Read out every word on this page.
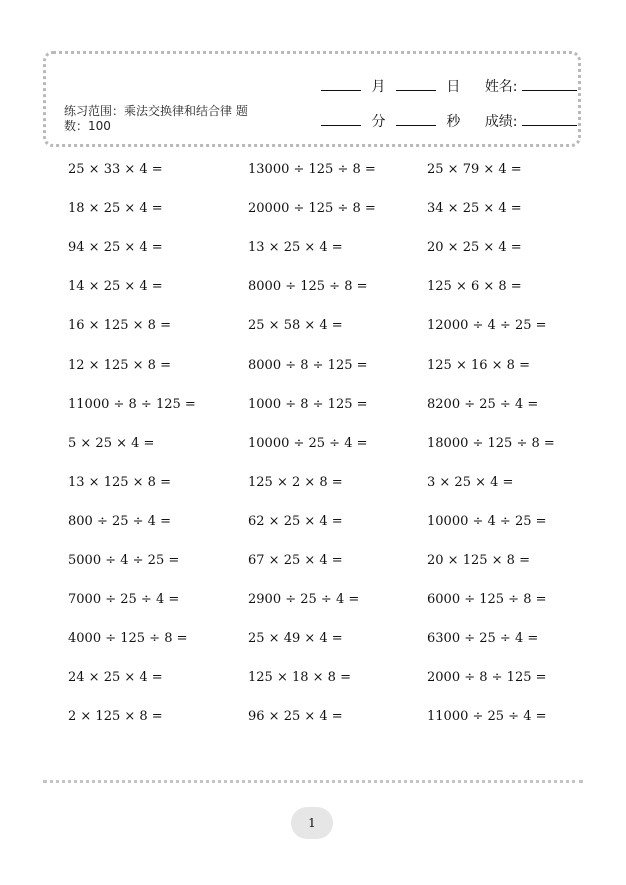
月	日 姓名:
分	秒 成绩:
练习范围：乘法交换律和结合律 题数：100
25 × 33 × 4 =
18 × 25 × 4 =
94 × 25 × 4 =
14 × 25 × 4 =
16 × 125 × 8 =
12 × 125 × 8 =
11000 ÷ 8 ÷ 125 =
5 × 25 × 4 =
13 × 125 × 8 =
800 ÷ 25 ÷ 4 =
5000 ÷ 4 ÷ 25 =
7000 ÷ 25 ÷ 4 =
4000 ÷ 125 ÷ 8 =
24 × 25 × 4 =
2 × 125 × 8 =
13000 ÷ 125 ÷ 8 =
20000 ÷ 125 ÷ 8 =
13 × 25 × 4 =
8000 ÷ 125 ÷ 8 =
25 × 58 × 4 =
8000 ÷ 8 ÷ 125 =
1000 ÷ 8 ÷ 125 =
10000 ÷ 25 ÷ 4 =
125 × 2 × 8 =
62 × 25 × 4 =
67 × 25 × 4 =
2900 ÷ 25 ÷ 4 =
25 × 49 × 4 =
125 × 18 × 8 =
96 × 25 × 4 =
25 × 79 × 4 =
34 × 25 × 4 =
20 × 25 × 4 =
125 × 6 × 8 =
12000 ÷ 4 ÷ 25 =
125 × 16 × 8 =
8200 ÷ 25 ÷ 4 =
18000 ÷ 125 ÷ 8 =
3 × 25 × 4 =
10000 ÷ 4 ÷ 25 =
20 × 125 × 8 =
6000 ÷ 125 ÷ 8 =
6300 ÷ 25 ÷ 4 =
2000 ÷ 8 ÷ 125 =
11000 ÷ 25 ÷ 4 =
1
